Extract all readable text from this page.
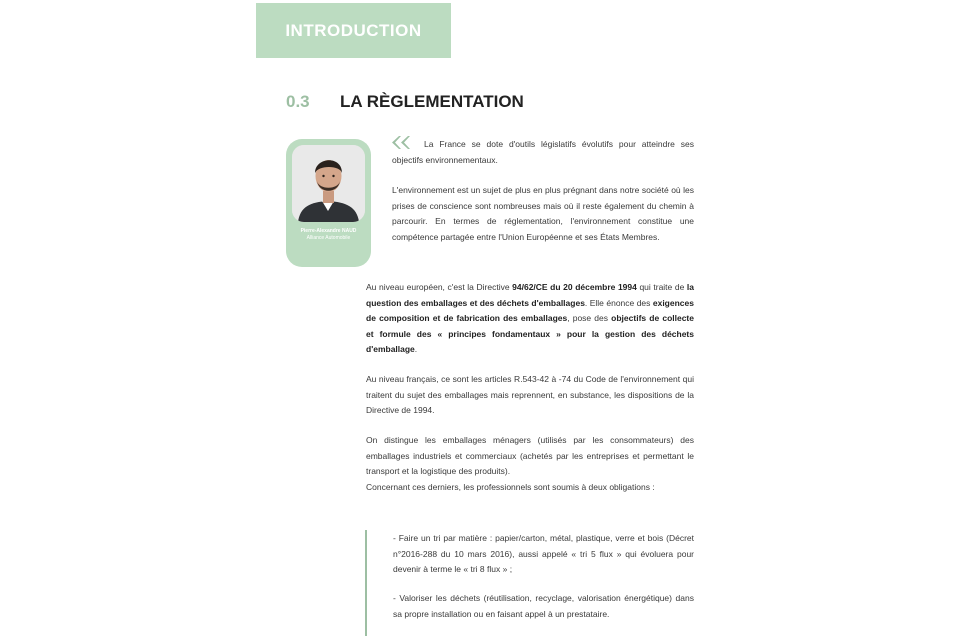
INTRODUCTION
0.3 LA RÈGLEMENTATION
Pierre-Alexandre NAUD
Alliance Automobile

La France se dote d'outils législatifs évolutifs pour atteindre ses objectifs environnementaux.

L'environnement est un sujet de plus en plus prégnant dans notre société où les prises de conscience sont nombreuses mais où il reste également du chemin à parcourir. En termes de réglementation, l'environnement constitue une compétence partagée entre l'Union Européenne et ses États Membres.

Au niveau européen, c'est la Directive 94/62/CE du 20 décembre 1994 qui traite de la question des emballages et des déchets d'emballages. Elle énonce des exigences de composition et de fabrication des emballages, pose des objectifs de collecte et formule des « principes fondamentaux » pour la gestion des déchets d'emballage.

Au niveau français, ce sont les articles R.543-42 à -74 du Code de l'environnement qui traitent du sujet des emballages mais reprennent, en substance, les dispositions de la Directive de 1994.

On distingue les emballages ménagers (utilisés par les consommateurs) des emballages industriels et commerciaux (achetés par les entreprises et permettant le transport et la logistique des produits).
Concernant ces derniers, les professionnels sont soumis à deux obligations :

- Faire un tri par matière : papier/carton, métal, plastique, verre et bois (Décret n°2016-288 du 10 mars 2016), aussi appelé « tri 5 flux » qui évoluera pour devenir à terme le « tri 8 flux » ;

- Valoriser les déchets (réutilisation, recyclage, valorisation énergétique) dans sa propre installation ou en faisant appel à un prestataire.
